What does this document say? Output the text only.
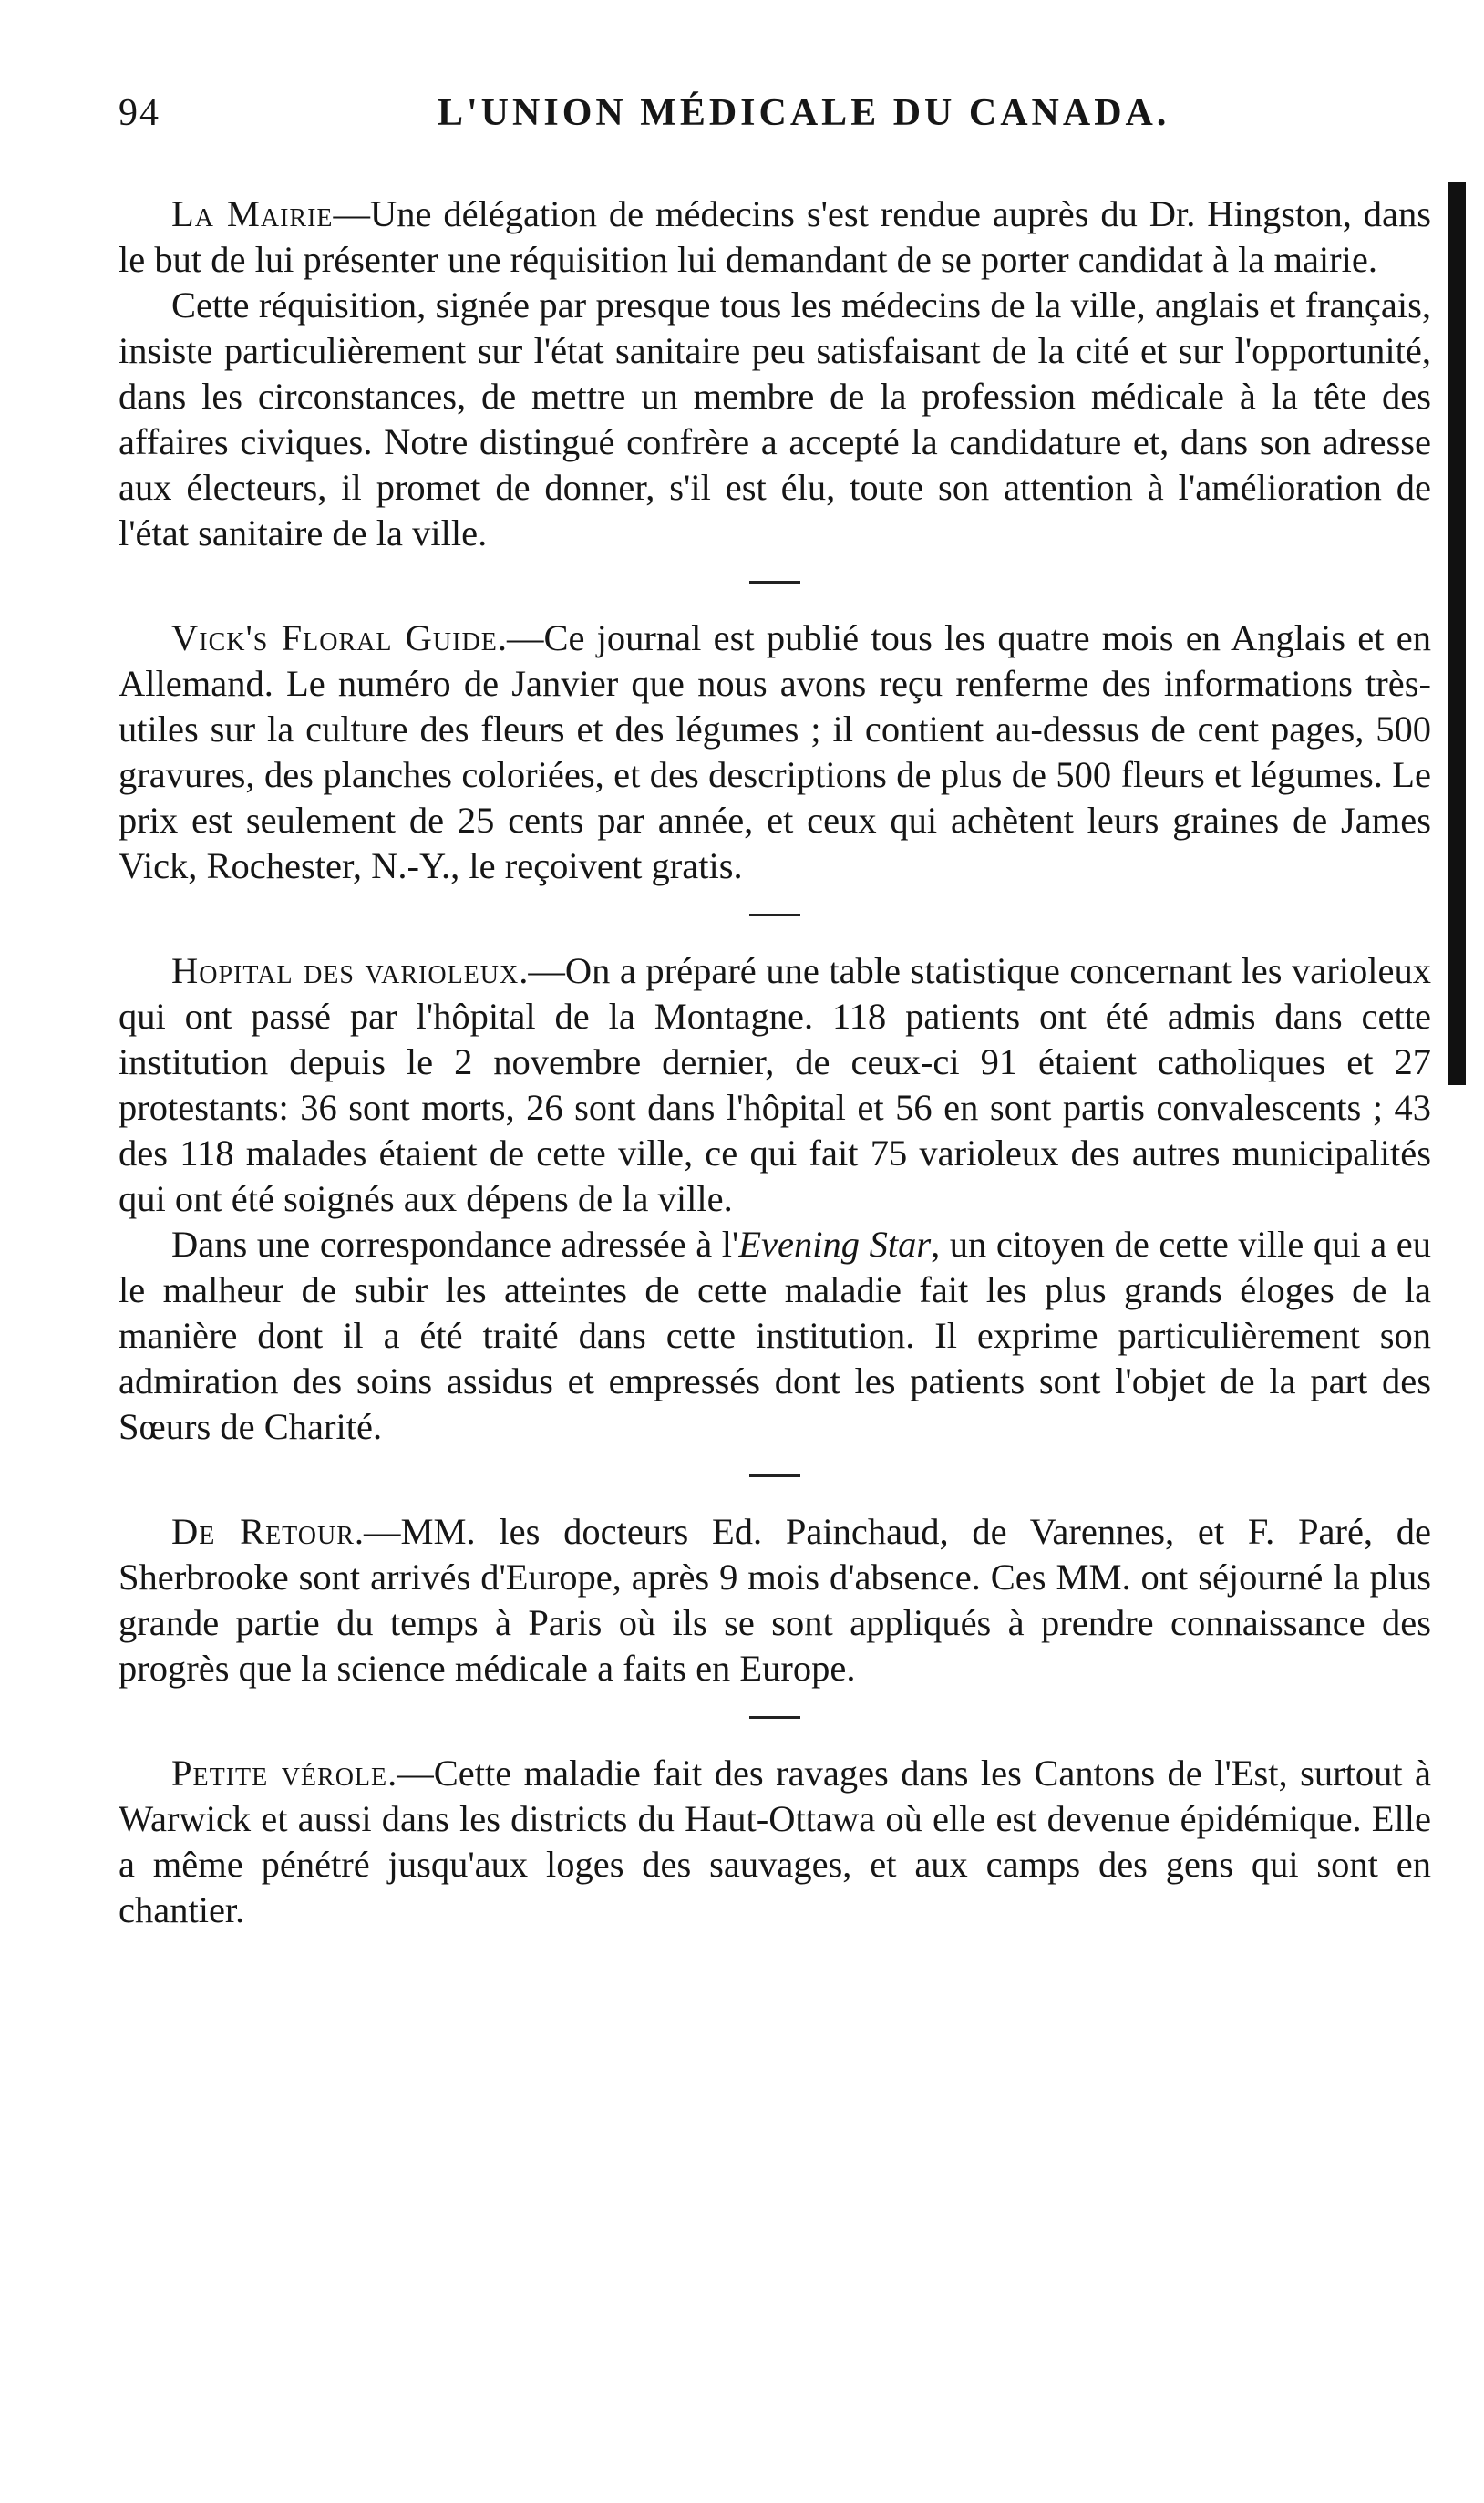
94	L'UNION MÉDICALE DU CANADA.

La Mairie—Une délégation de médecins s'est rendue auprès du Dr. Hingston, dans le but de lui présenter une réquisition lui demandant de se porter candidat à la mairie.

Cette réquisition, signée par presque tous les médecins de la ville, anglais et français, insiste particulièrement sur l'état sanitaire peu satisfaisant de la cité et sur l'opportunité, dans les circonstances, de mettre un membre de la profession médicale à la tête des affaires civiques. Notre distingué confrère a accepté la candidature et, dans son adresse aux électeurs, il promet de donner, s'il est élu, toute son attention à l'amélioration de l'état sanitaire de la ville.

Vick's Floral Guide.—Ce journal est publié tous les quatre mois en Anglais et en Allemand. Le numéro de Janvier que nous avons reçu renferme des informations très-utiles sur la culture des fleurs et des légumes ; il contient au-dessus de cent pages, 500 gravures, des planches coloriées, et des descriptions de plus de 500 fleurs et légumes. Le prix est seulement de 25 cents par année, et ceux qui achètent leurs graines de James Vick, Rochester, N.-Y., le reçoivent gratis.

Hopital des varioleux.—On a préparé une table statistique concernant les varioleux qui ont passé par l'hôpital de la Montagne. 118 patients ont été admis dans cette institution depuis le 2 novembre dernier, de ceux-ci 91 étaient catholiques et 27 protestants: 36 sont morts, 26 sont dans l'hôpital et 56 en sont partis convalescents ; 43 des 118 malades étaient de cette ville, ce qui fait 75 varioleux des autres municipalités qui ont été soignés aux dépens de la ville.

Dans une correspondance adressée à l'Evening Star, un citoyen de cette ville qui a eu le malheur de subir les atteintes de cette maladie fait les plus grands éloges de la manière dont il a été traité dans cette institution. Il exprime particulièrement son admiration des soins assidus et empressés dont les patients sont l'objet de la part des Sœurs de Charité.

De Retour.—MM. les docteurs Ed. Painchaud, de Varennes, et F. Paré, de Sherbrooke sont arrivés d'Europe, après 9 mois d'absence. Ces MM. ont séjourné la plus grande partie du temps à Paris où ils se sont appliqués à prendre connaissance des progrès que la science médicale a faits en Europe.

Petite vérole.—Cette maladie fait des ravages dans les Cantons de l'Est, surtout à Warwick et aussi dans les districts du Haut-Ottawa où elle est devenue épidémique. Elle a même pénétré jusqu'aux loges des sauvages, et aux camps des gens qui sont en chantier.
